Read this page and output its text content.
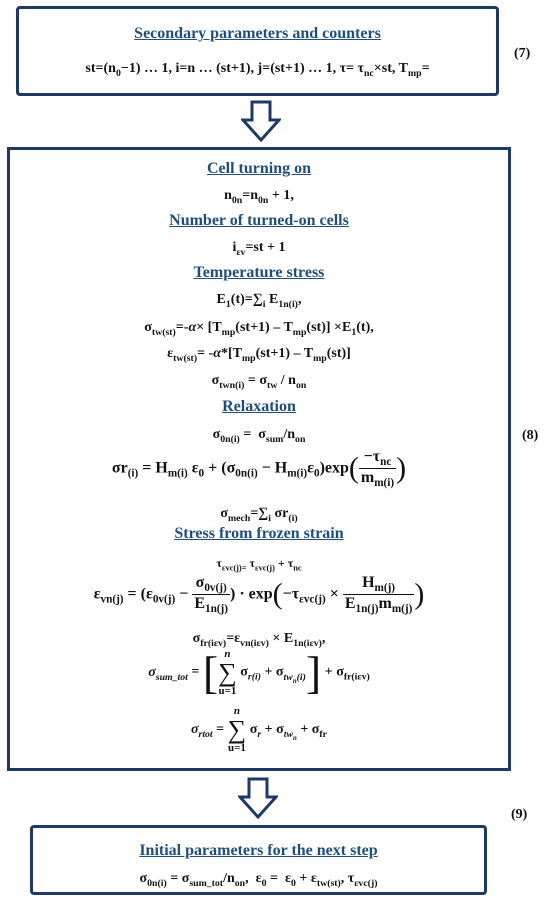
Secondary parameters and counters
$st=(n_0-1)$ … 1, i=n … (st+1), j=(st+1) … 1, $\tau= \tau_{nc}\times st$, $T_{mp}=$
(7)
Cell turning on
$n_{0n}=n_{0n} + 1$,
Number of turned-on cells
$i_{\varepsilon v}=st + 1$
Temperature stress
$E_1(t)=\sum_i$ $E_{1n(i)}$,
$\sigma_{tw(st)}=-\alpha\times [T_{mp}(st+1) - T_{mp}(st)] \times E_1(t)$,
$\varepsilon_{tw(st)}= -\alpha*[T_{mp}(st+1) - T_{mp}(st)]$
$\sigma_{twn(i)} = \sigma_{tw} / n_{on}$
Relaxation
$\sigma_{0n(i)} = \sigma_{sum}/n_{on}$
$\sigma r_{(i)} = H_{m(i)}$ $\varepsilon_0 + (\sigma_{0n(i)} - H_{m(i)}\varepsilon_0)\exp( \frac{-\tau_{nc}}{m_{m(i)}}$ )
$\sigma_{mech}=\sum_i$ $\sigma r_{(i)}$
Stress from frozen strain
$\tau_{\varepsilon vc(j)=}$ $\tau_{\varepsilon vc(j)} + \tau_{nc}$
$\varepsilon_{vn(j)} = (\varepsilon_{0v(j)} - \frac{\sigma_{0v(j)}}{E_{1n(j)}}$ ) · $\exp(-\tau_{\varepsilon vc(j)} \times \frac{H_{m(j)}}{E_{1n(j)}m_{m(j)}}$ )
$\sigma_{fr(i\varepsilon v)}=\varepsilon_{vn(i\varepsilon v)} \times E_{1n(i\varepsilon v)}$,
$\sigma_{sum\_tot}$ = [ n
∑
u=1
$\sigma_{r(i)} + \sigma_{tw_n(i)}] + \sigma_{fr(i\varepsilon v)}$
$\sigma_{rtot}$ =
n
∑
u=1
$\sigma_r + \sigma_{tw_n} + \sigma_{fr}$
(8)
Initial parameters for the next step
$\sigma_{0n(i)} = \sigma_{sum\_tot}/n_{on}$,  $\varepsilon_0 = \varepsilon_0 + \varepsilon_{tw(st)}$, $\tau_{\varepsilon vc(j)}$
(9)
